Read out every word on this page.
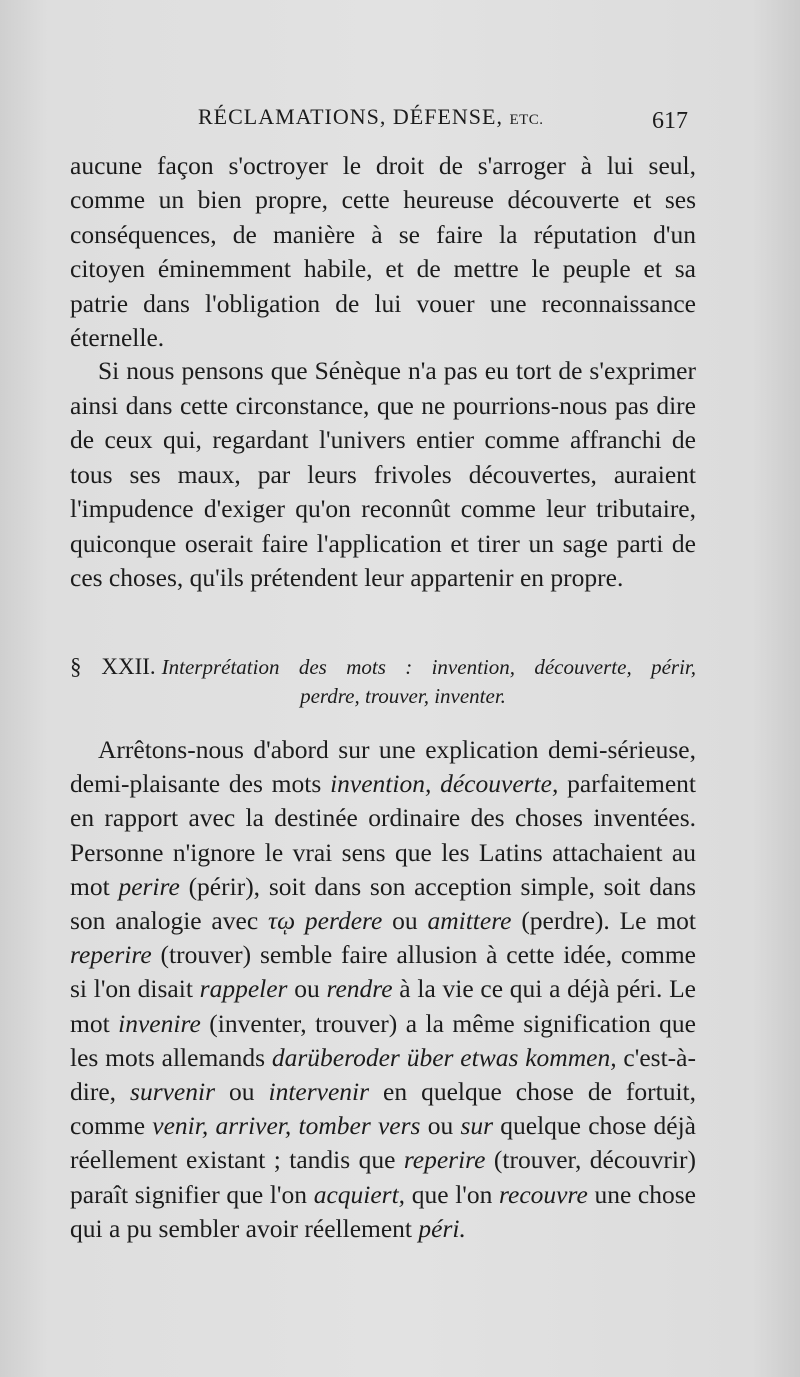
RÉCLAMATIONS, DÉFENSE, ETC.	617
aucune façon s'octroyer le droit de s'arroger à lui seul, comme un bien propre, cette heureuse découverte et ses conséquences, de manière à se faire la réputation d'un citoyen éminemment habile, et de mettre le peuple et sa patrie dans l'obligation de lui vouer une reconnaissance éternelle.
Si nous pensons que Sénèque n'a pas eu tort de s'exprimer ainsi dans cette circonstance, que ne pourrions-nous pas dire de ceux qui, regardant l'univers entier comme affranchi de tous ses maux, par leurs frivoles découvertes, auraient l'impudence d'exiger qu'on reconnût comme leur tributaire, quiconque oserait faire l'application et tirer un sage parti de ces choses, qu'ils prétendent leur appartenir en propre.
§ XXII. Interprétation des mots : invention, découverte, périr,
perdre, trouver, inventer.
Arrêtons-nous d'abord sur une explication demi-sérieuse, demi-plaisante des mots invention, découverte, parfaitement en rapport avec la destinée ordinaire des choses inventées. Personne n'ignore le vrai sens que les Latins attachaient au mot perire (périr), soit dans son acception simple, soit dans son analogie avec τῳ perdere ou amittere (perdre). Le mot reperire (trouver) semble faire allusion à cette idée, comme si l'on disait rappeler ou rendre à la vie ce qui a déjà péri. Le mot invenire (inventer, trouver) a la même signification que les mots allemands darüberoder über etwas kommen, c'est-à-dire, survenir ou intervenir en quelque chose de fortuit, comme venir, arriver, tomber vers ou sur quelque chose déjà réellement existant ; tandis que reperire (trouver, découvrir) paraît signifier que l'on acquiert, que l'on recouvre une chose qui a pu sembler avoir réellement péri.
